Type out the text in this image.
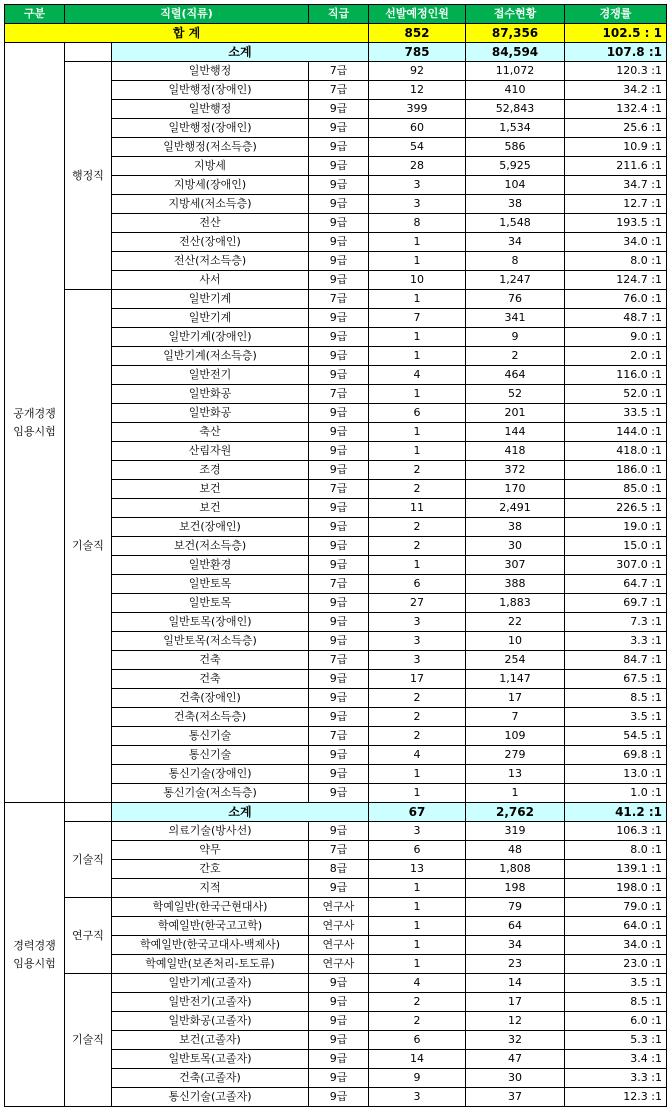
구분	직렬(직류)		직급	선발예정인원	접수현황	경쟁률
합 계				852	87,356	102.5 : 1
공개경쟁
임용시험		소계		785	84,594	107.8 :1
	행정직	일반행정	7급	92	11,072	120.3 :1
		일반행정(장애인)	7급	12	410	34.2 :1
		일반행정	9급	399	52,843	132.4 :1
		일반행정(장애인)	9급	60	1,534	25.6 :1
		일반행정(저소득층)	9급	54	586	10.9 :1
		지방세	9급	28	5,925	211.6 :1
		지방세(장애인)	9급	3	104	34.7 :1
		지방세(저소득층)	9급	3	38	12.7 :1
		전산	9급	8	1,548	193.5 :1
		전산(장애인)	9급	1	34	34.0 :1
		전산(저소득층)	9급	1	8	8.0 :1
		사서	9급	10	1,247	124.7 :1
	기술직	일반기계	7급	1	76	76.0 :1
		일반기계	9급	7	341	48.7 :1
		일반기계(장애인)	9급	1	9	9.0 :1
		일반기계(저소득층)	9급	1	2	2.0 :1
		일반전기	9급	4	464	116.0 :1
		일반화공	7급	1	52	52.0 :1
		일반화공	9급	6	201	33.5 :1
		축산	9급	1	144	144.0 :1
		산림자원	9급	1	418	418.0 :1
		조경	9급	2	372	186.0 :1
		보건	7급	2	170	85.0 :1
		보건	9급	11	2,491	226.5 :1
		보건(장애인)	9급	2	38	19.0 :1
		보건(저소득층)	9급	2	30	15.0 :1
		일반환경	9급	1	307	307.0 :1
		일반토목	7급	6	388	64.7 :1
		일반토목	9급	27	1,883	69.7 :1
		일반토목(장애인)	9급	3	22	7.3 :1
		일반토목(저소득층)	9급	3	10	3.3 :1
		건축	7급	3	254	84.7 :1
		건축	9급	17	1,147	67.5 :1
		건축(장애인)	9급	2	17	8.5 :1
		건축(저소득층)	9급	2	7	3.5 :1
		통신기술	7급	2	109	54.5 :1
		통신기술	9급	4	279	69.8 :1
		통신기술(장애인)	9급	1	13	13.0 :1
		통신기술(저소득층)	9급	1	1	1.0 :1
경력경쟁
임용시험		소계		67	2,762	41.2 :1
	기술직	의료기술(방사선)	9급	3	319	106.3 :1
		약무	7급	6	48	8.0 :1
		간호	8급	13	1,808	139.1 :1
		지적	9급	1	198	198.0 :1
	연구직	학예일반(한국근현대사)	연구사	1	79	79.0 :1
		학예일반(한국고고학)	연구사	1	64	64.0 :1
		학예일반(한국고대사-백제사)	연구사	1	34	34.0 :1
		학예일반(보존처리-토도류)	연구사	1	23	23.0 :1
	기술직	일반기계(고졸자)	9급	4	14	3.5 :1
		일반전기(고졸자)	9급	2	17	8.5 :1
		일반화공(고졸자)	9급	2	12	6.0 :1
		보건(고졸자)	9급	6	32	5.3 :1
		일반토목(고졸자)	9급	14	47	3.4 :1
		건축(고졸자)	9급	9	30	3.3 :1
		통신기술(고졸자)	9급	3	37	12.3 :1
